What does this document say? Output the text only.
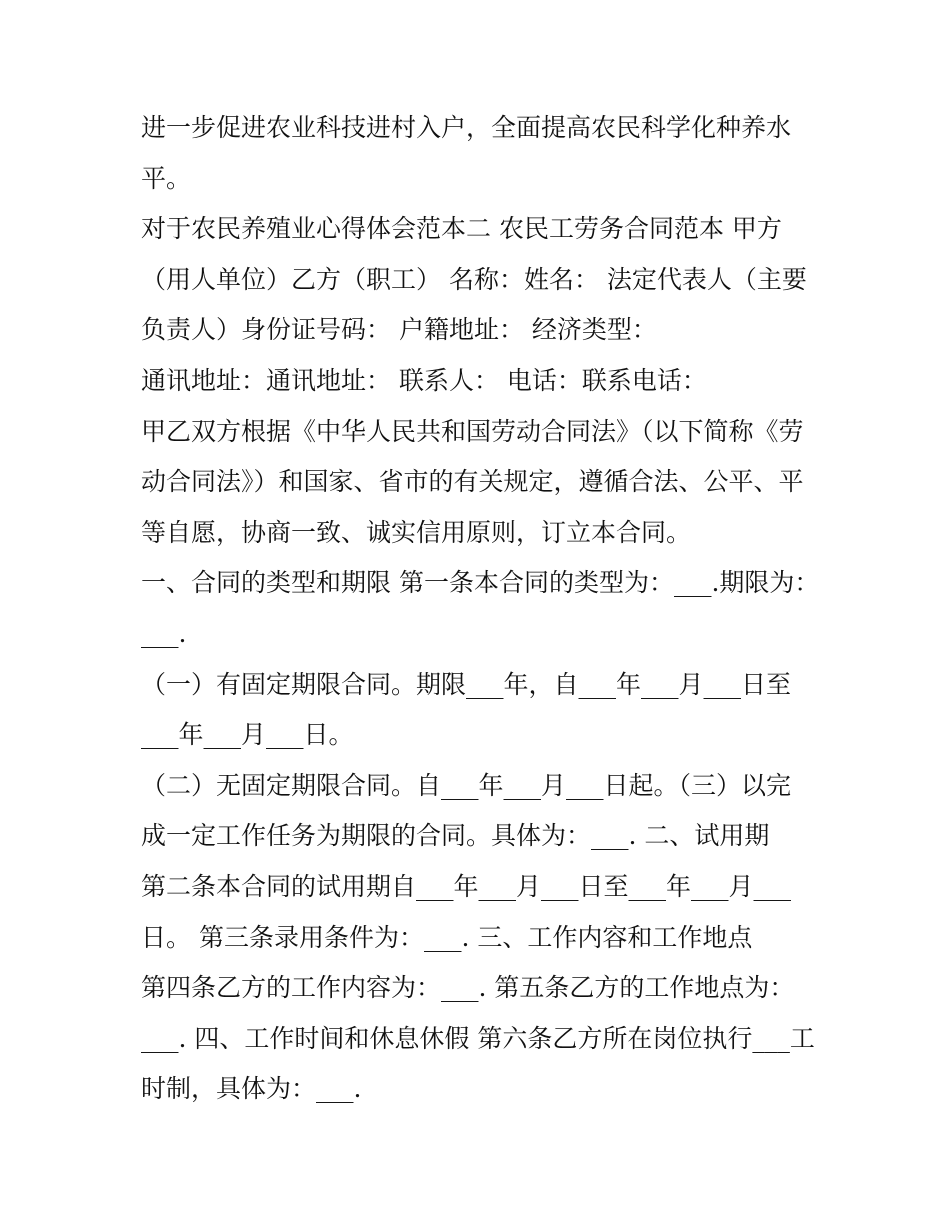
进一步促进农业科技进村入户，全面提高农民科学化种养水
平。
对于农民养殖业心得体会范本二 农民工劳务合同范本 甲方
（用人单位）乙方（职工） 名称：姓名： 法定代表人（主要
负责人）身份证号码： 户籍地址： 经济类型：
通讯地址：通讯地址： 联系人： 电话：联系电话：
甲乙双方根据《中华人民共和国劳动合同法》（以下简称《劳
动合同法》）和国家、省市的有关规定，遵循合法、公平、平
等自愿，协商一致、诚实信用原则，订立本合同。
一、合同的类型和期限 第一条本合同的类型为：___.期限为：
___.
（一）有固定期限合同。期限___年，自___年___月___日至
___年___月___日。
（二）无固定期限合同。自___年___月___日起。（三）以完
成一定工作任务为期限的合同。具体为：___. 二、试用期
第二条本合同的试用期自___年___月___日至___年___月___
日。 第三条录用条件为：___. 三、工作内容和工作地点
第四条乙方的工作内容为：___. 第五条乙方的工作地点为：
___. 四、工作时间和休息休假 第六条乙方所在岗位执行___工
时制，具体为：___.
